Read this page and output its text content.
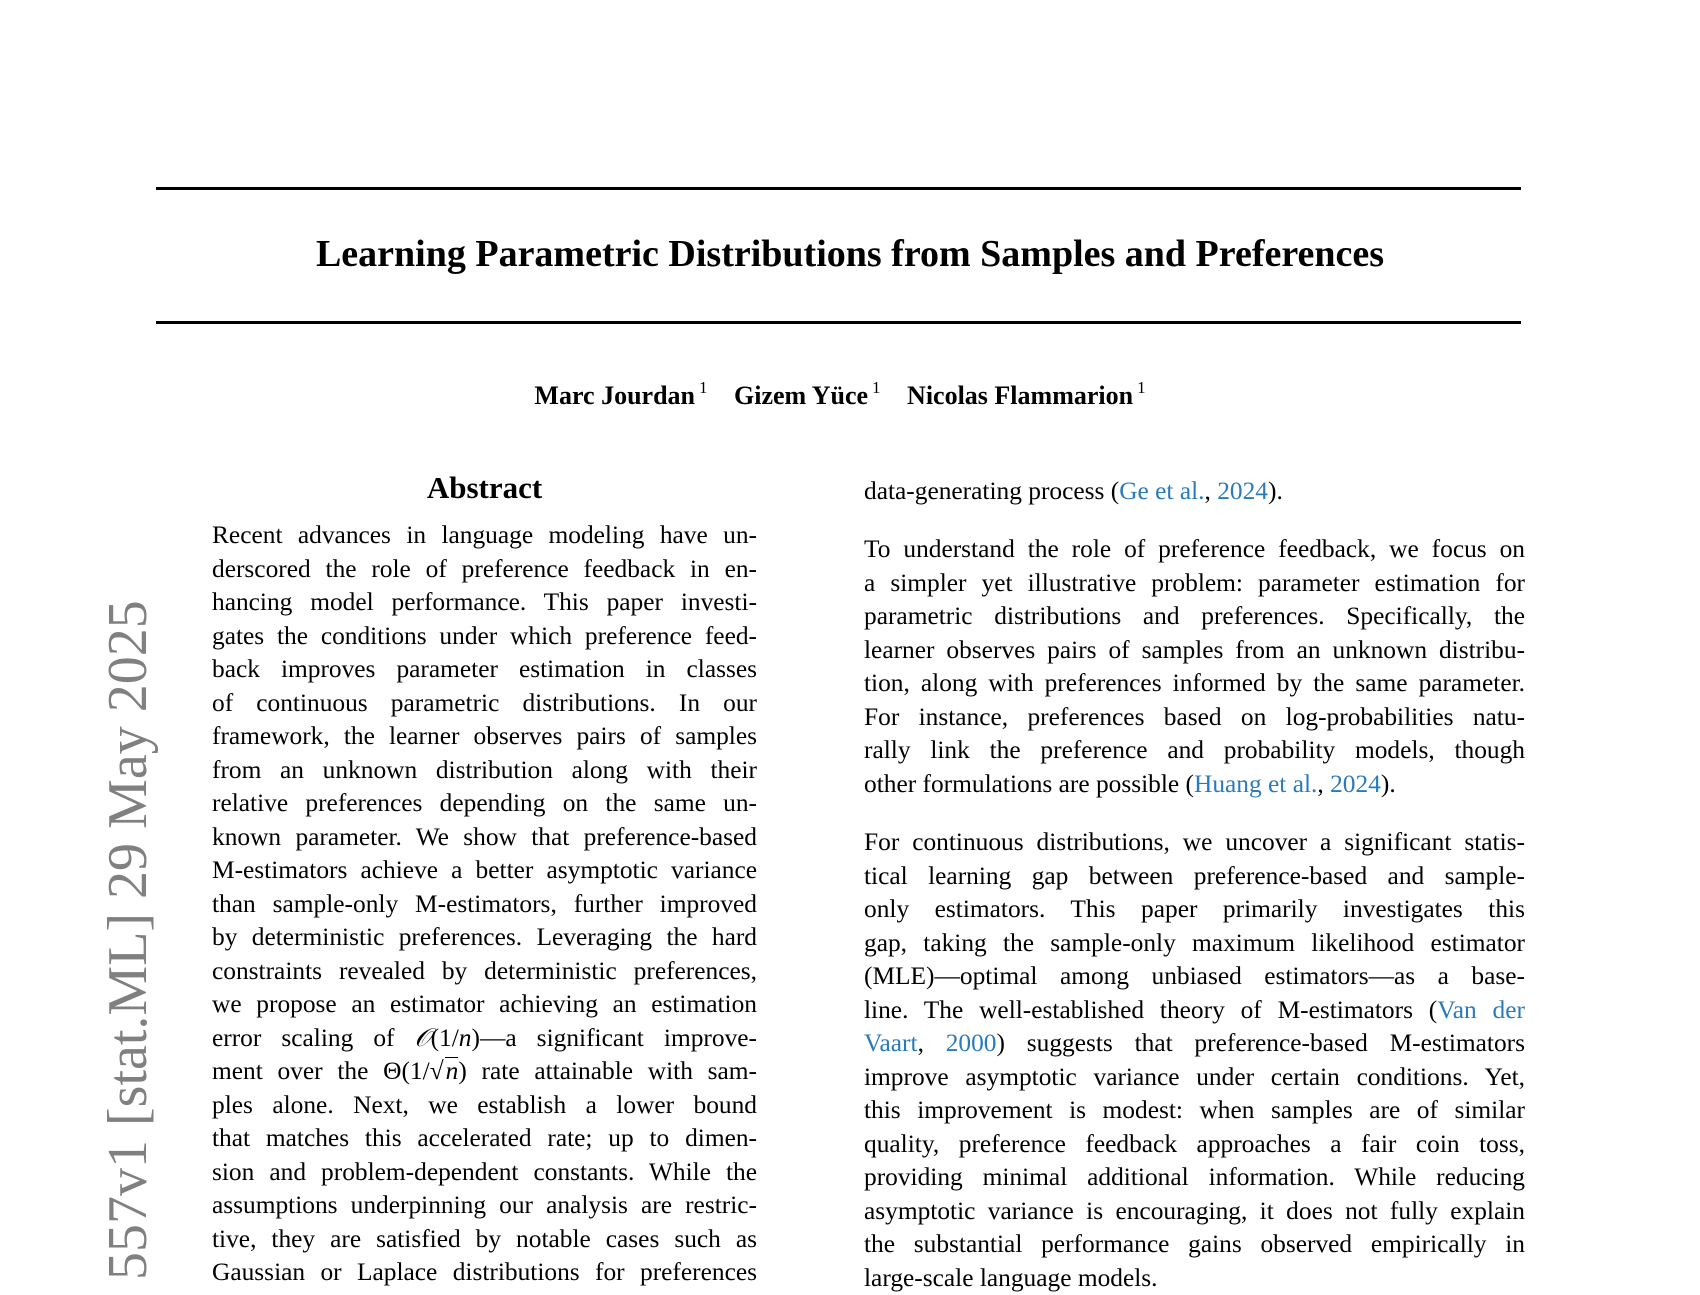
557v1 [stat.ML] 29 May 2025
Learning Parametric Distributions from Samples and Preferences
Marc Jourdan $^1$ Gizem Yüce $^1$ Nicolas Flammarion $^1$
Abstract
Recent advances in language modeling have un-
derscored the role of preference feedback in en-
hancing model performance. This paper investi-
gates the conditions under which preference feed-
back improves parameter estimation in classes
of continuous parametric distributions. In our
framework, the learner observes pairs of samples
from an unknown distribution along with their
relative preferences depending on the same un-
known parameter. We show that preference-based
M-estimators achieve a better asymptotic variance
than sample-only M-estimators, further improved
by deterministic preferences. Leveraging the hard
constraints revealed by deterministic preferences,
we propose an estimator achieving an estimation
error scaling of 𝒪(1/n)—a significant improve-
ment over the Θ(1/√n) rate attainable with sam-
ples alone. Next, we establish a lower bound
that matches this accelerated rate; up to dimen-
sion and problem-dependent constants. While the
assumptions underpinning our analysis are restric-
tive, they are satisfied by notable cases such as
Gaussian or Laplace distributions for preferences
data-generating process (Ge et al., 2024).
To understand the role of preference feedback, we focus on
a simpler yet illustrative problem: parameter estimation for
parametric distributions and preferences. Specifically, the
learner observes pairs of samples from an unknown distribu-
tion, along with preferences informed by the same parameter.
For instance, preferences based on log-probabilities natu-
rally link the preference and probability models, though
other formulations are possible (Huang et al., 2024).
For continuous distributions, we uncover a significant statis-
tical learning gap between preference-based and sample-
only estimators. This paper primarily investigates this
gap, taking the sample-only maximum likelihood estimator
(MLE)—optimal among unbiased estimators—as a base-
line. The well-established theory of M-estimators (Van der
Vaart, 2000) suggests that preference-based M-estimators
improve asymptotic variance under certain conditions. Yet,
this improvement is modest: when samples are of similar
quality, preference feedback approaches a fair coin toss,
providing minimal additional information. While reducing
asymptotic variance is encouraging, it does not fully explain
the substantial performance gains observed empirically in
large-scale language models.
